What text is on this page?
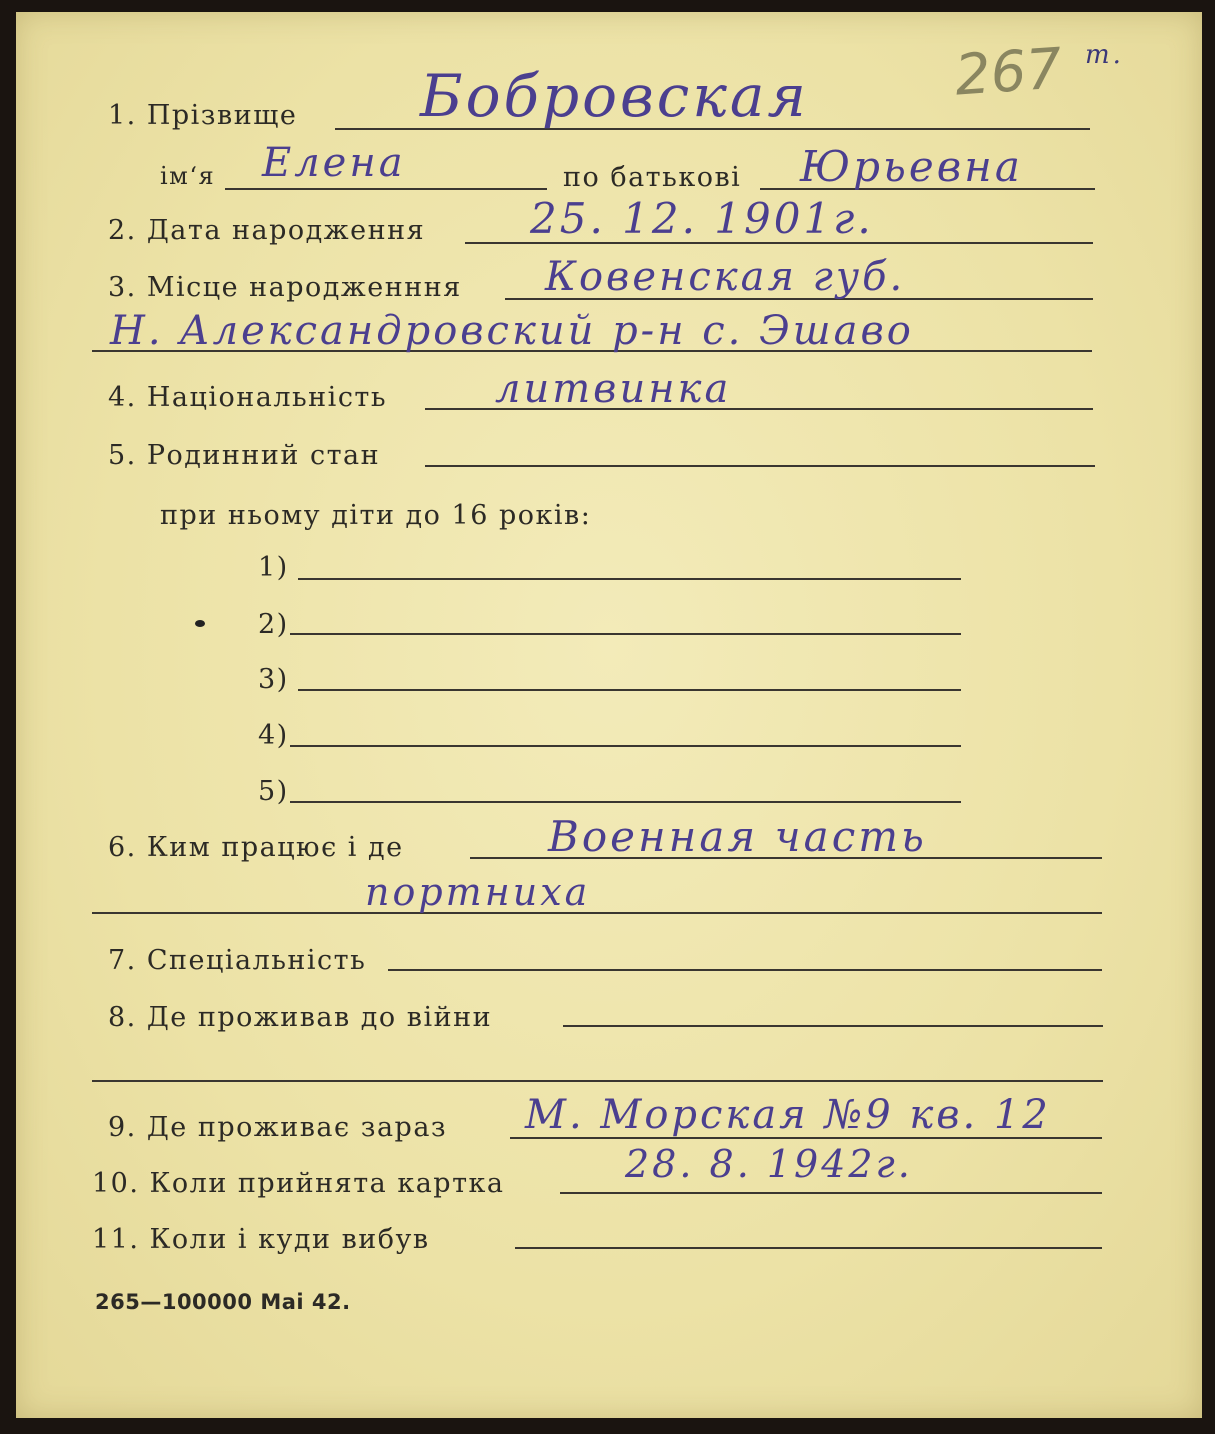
267 m.
1. Прізвище Бобровская
ім‘я Елена	по батькові Юрьевна
2. Дата народження 25. 12. 1901г.
3. Місце народженння Ковенская губ.
Н. Александровский р-н с. Эшаво
4. Національність	литвинка
5. Родинний стан
при ньому діти до 16 років:
1)
2)
3)
4)
5)
6. Ким працює і де	Военная часть
портниха
7. Спеціальність
8. Де проживав до війни
9. Де проживає зараз М. Морская №9 кв. 12
10. Коли прийнята картка	28. 8. 1942г.
11. Коли і куди вибув
265—100000 Mai 42.
